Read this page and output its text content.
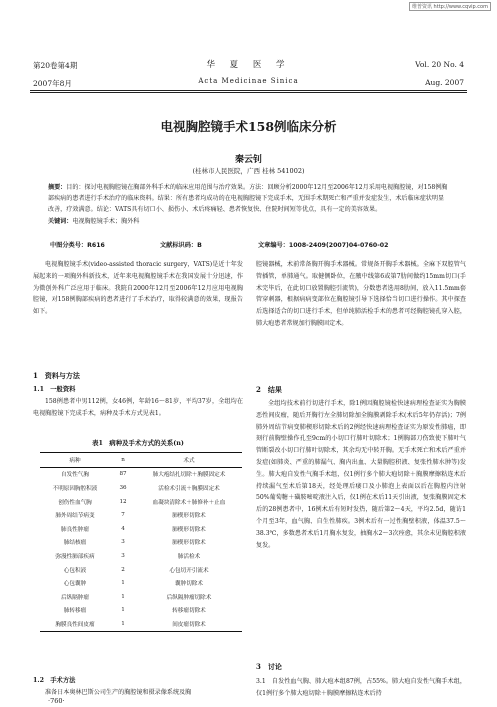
维普资讯 http://www.cqvip.com
第20卷第4期
2007年8月
华 夏 医 学
Acta Medicinae Sinica
Vol. 20 No. 4
Aug. 2007
电视胸腔镜手术158例临床分析
秦云钊
(桂林市人民医院，广西 桂林 541002)
摘要：目的：探讨电视胸腔镜在胸部外科手术的临床应用范围与治疗效果。方法：回顾分析2000年12月至2006年12月采用电视胸腔镜，对158例胸部疾病的患者进行手术治疗的临床资料。结果：所有患者均成功的在电视胸腔镜下完成手术，无围手术期死亡和严重并发症发生，术后临床症状明显改善，疗效满意。结论：VATS具有切口小、损伤小、术后疼痛轻、患者恢复快、住院时间短等优点，具有一定的美容效果。
关键词：电视胸腔镜手术；胸外科
中图分类号：R616	文献标识码：B	文章编号：1008-2409(2007)04-0760-02

电视胸腔镜手术(video-assisted thoracic surgery，VATS)是近十年发展起来的一项胸外科新技术，近年来电视胸腔镜手术在我国发展十分迅速，作为微创外科广泛应用于临床。我院自2000年12月至2006年12月应用电视胸腔镜，对158例胸部疾病的患者进行了手术治疗，取得较满意的效果，现报告如下。

1　资料与方法
1.1　一般资料

158例患者中男112例，女46例，年龄16～81岁，平均37岁，全组均在电视胸腔镜下完成手术，病种及手术方式见表1。

表1　病种及手术方式的关系(n)
病种	n	术式
自发性气胸	87	肺大疱结扎切除＋胸膜固定术
不明原因胸腔积液	36	活检术引流＋胸膜固定术
创伤性血气胸	12	血凝块清除术＋肺修补＋止血
肺外周结节病变	7	肺楔形切除术
肺良性肿瘤	4	肺楔形切除术
肺结核瘤	3	肺楔形切除术
弥漫性肺部疾病	3	肺活检术
心包积液	2	心包切开引流术
心包囊肿	1	囊肿切除术
后纵隔肿瘤	1	后纵隔肿瘤切除术
肺转移瘤	1	转移瘤切除术
胸膜良性间皮瘤	1	间皮瘤切除术
1.2　手术方法

准备日本奥林巴斯公司生产的胸腔镜和摄录像系统及胸

·760·

腔镜器械，术前常备胸开胸手术器械。常规备开胸手术器械。全麻下双腔管气管插管，单肺通气。取健侧卧位，在腋中线第6或第7肋间做约15mm切口(手术完毕后，在此切口放置胸腔引流管)，分数患者选用8肋间，放入11.5mm套管穿刺器，根据病病变部位在胸腔镜引导下选择恰当切口进行操作。其中探查后选择适合的切口进行手术，但单纯肺活检手术的患者可经胸腔镜孔穿入腔，肺大疱患者常规加行胸膜固定术。

2　结果

全组均技术前行切进行手术，除1例因胸腔镜检快速病理检查证实为胸膜恶性间皮瘤，随后开胸行左全肺切除加全胸膜剥除手术(术后5年仍存活)；7例肺外周结节病变肺楔形切除术后的2例经快速病理检查证实为原发性肺癌，即刻行前胸壁操作孔至9cm的小切口行肺叶切除术；1例胸部刀伤致使下肺叶气管断裂改小切口行肺叶切除术，其余均无中转开胸。无手术死亡和术后严重并发症(如肺炎、严重的肺漏气、胸内出血、大量胸腔积液、复张性肺水肿等)发生。肺大疱自发性气胸手术组，仅1例行多个肺大疱切除＋胸膜摩擦粘连术后持续漏气至术后第18天，经处理后瘘口及小肺泡上表面以后在胸腔内注射50%葡萄糖＋磺胺嘧啶液注入后，仅1例在术后11天引出液，复张胸膜固定术后的28例患者中，16例术后有短时发热，随后第2～4天，平均2.5d，随访1个月至3年，血气胸、自生性肺疾。3例术后有一过性胸壁积液，体温37.5～38.3℃，多数患者术后1月胸水复发，抽胸水2～3次痊愈，其余未见胸腔积液复发。

3　讨论

3.1　自发性血气胸、肺大疱本组87例，占55%。肺大疱自发性气胸手术组，仅1例行多个肺大疱切除＋胸膜摩擦粘连术后持
